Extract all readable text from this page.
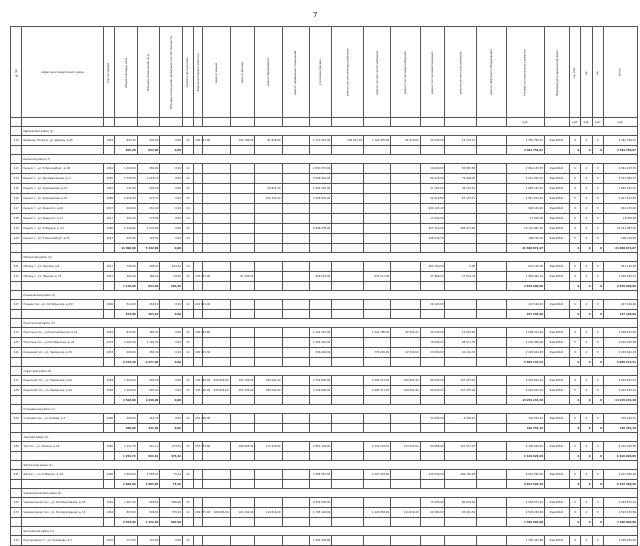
7
№ п/п	Адрес многоквартирного дома	Год постройки	Общая площадь, кв.м.	Площадь помещений, кв.м.	Площадь помещений, находящихся в собственности	Количество жителей	Вид капитального ремонта	ремонт крыши	ремонт фасада	ремонт фундамента	ремонт подвальных помещений	утепление фасада	ремонт систем электроснабжения	ремонт систем теплоснабжения	ремонт систем водоснабжения	ремонт систем водоотведения	ремонт систем газоснабжения	ремонт лифтового оборудования	Стоимость капитального ремонта	Плановая дата завершения работ	ед. изм.	ед.	ед.	Итого
																			руб.		руб.	руб.	руб.	руб.
	Марковский район (1)																							
210	Березово Поселок, ул. Дзмаин, д.45	1963	693,20	632,90	0,00	21	285 321,00		102 796,00	81 818,60		1 370 307,00	128 972,20	1 124 305,40	81 818,60	24 200,00	16 134,47		2 381 756,07	Фев.2016г.	0	0	0	2 381 756,07
			693,20	632,90	0,00														2 381 756,07		0	0	0	2 381 756,07
	Рыльский район (7)																							
213	Рыльск г., ул. Р.Люксембург, д. 94	1961	1 400,00	360,00	0,00	21						2 830 370,00				10 000,00	50 987,85		2 961 145,35	Фев.2016г.	0	0	0	2 961 145,35
214	Рыльск г., ул. Промышленная, д. 2	1965	1 790,50	1 018,70	0,00	21						3 090 224,00				99 520,00	79 009,20		3 212 993,75	Фев.2016г.	0	0	0	3 212 993,75
215	Рыльск г., ул. Хорошилова, д.72	1981	741,80	434,90	0,00	21				90 822,30		1 492 262,00				27 165,05	34 151,51		1 687 181,91	Фев.2016г.	0	0	0	1 687 181,91
216	Рыльск г., ул. Хорошилова, д.76	1989	2 256,30	477,70	0,00	21				160 343,20		2 508 501,00				42 619,80	67 151,11		2 817 612,81	Фев.2016г.	0	0	0	2 817 612,81
217	Рыльск г., ул. Урицкого, д.44	1917	440,60	261,40	0,00	24										940 145,40			940 145,40	Фев.2016г.	0	0	0	940 145,40
218	Рыльск г., ул. Урицкого, д.71	1917	301,20	175,80	0,00	24										13 000,00			13 000,00	Фев.2016г.	0	0	0	13 000,00
219	Рыльск г., ул. К.Маркса, д. 13	1960	5 746,60	2 570,90	0,00	21						9 848 239,00				257 320,00	206 471,00		10 141 987,20	Фев.2016г.	0	0	0	10 141 987,20
220	Рыльск г., ул. Р.Люксембург, д.72	1917	205,40	115,30	0,00	24										198 726,30			198 726,30	Фев.2016г.	0	0	0	198 726,30
			11 690,90	5 442,90	0,00														21 868 871,97		0	0	0	21 868 871,97
	Обоянский район (2)																							
221	Обоянь г., ул. Жукова, д.4	1917	706,50	408,20	241,10	24										941 150,00	0,00		941 150,00	Фев.2016г.	0	0	0	941 150,00
222	Обоянь г., ул. Ленина, д. 15	1957	404,40	360,20	23,40	21	376 137,00		91 349,50			829 024,00		679 117,26		37 986,47	27 501,33		1 929 490,14	Фев.2016г.	0	0	0	1 929 490,14
			1 110,90	634,40	264,50														2 870 600,00		0	0	0	2 870 600,00
	Поныровский район (1)																							
223	Поныри пос., ул. Октябрьская, д.15?	1966	514,90	463,10	0,00	21	221 021,00									26 145,00			247 166,00	Фев.2016г.	0	0	0	247 166,00
			514,90	463,10	0,00														247 166,00		0	0	0	247 166,00
	Пристенский район (3)																							
224	Пристень пос., ул.Комсомольская, д.44	1956	810,90	585,40	0,00	21	285 754,60					1 241 215,00		1 021 780,20	82 824,42	30 530,00	16 681,00		2 698 612,94	Фев.2016г.	0	0	0	2 698 612,94
225	Пристень пос., ул.Октябрьская, д. 22	1978	1 061,60	1 120,20	0,00	21						2 354 262,00				79 560,00	68 571,35		2 502 456,28	Фев.2016г.	0	0	0	2 502 456,28
226	Коренный пос., ул. Заводская, д.76	1953	480,00	380,30	0,00	21	290 415,30					306 040,00		776 000,00	42 518,00	23 050,00	42 142,33		2 204 661,63	Фев.2016г.	0	0	0	2 204 661,63
			2 415,40	2 077,00	0,00														5 665 133,51		0	0	0	5 665 133,51
	Советский район (2)																							
227	Кшенский пос., ул. Заводская, д.10	1958	1 264,00	820,00	0,00	21	343 746,00	630 806,00	291 336,00	189 594,40		2 339 600,00		2 090 471,20	169 054,40	90 000,00	137 475,04		6 624 622,24	Фев.2016г.	0	0	0	6 624 622,24
228	Кшенский пос., ул. Заводская, д.10	1958	1 264,00	820,00	0,00	21	343 746,00	630 806,00	291 336,00	189 594,40		2 339 600,00		2 090 471,20	169 054,40	90 000,00	137 475,04		6 624 622,24	Фев.2016г.	0	0	0	6 624 622,24
			2 528,00	1 640,00	0,00														13 249 244,48		0	0	0	13 249 244,48
	Солнцевский район (1)																							
229	Солнцево пос., ул. Кирова, д.3	1966	480,00	441,30	0,00	21	291 306,00									34 000,00	6 304,15		330 254,15	Фев.2016г.	0	0	0	330 254,15
			480,00	441,30	0,00														330 254,15		0	0	0	330 254,15
	Тимский район (1)																							
230	Тим пос., ул. Ленина, д.22	1965	1 252,76	941,10	473,32	21	557 170,00		268 285,40	173 225,64		2 852 329,00		2 142 103,32	173 225,64	64 588,00	127 537,97		6 126 029,95	Фев.2016г.	0	0	0	6 126 029,95
			1 252,76	941,10	473,32														6 126 029,95		0	0	0	6 126 029,95
	Фатежский район (1)																							
231	Фатеж г., ул. К.Маркса, д. 63	1966	2 500,00	2 083,95	75,16	21						3 384 067,00		4 110 334,00		100 550,00	166 740,28		9 612 590,28	Фев.2016г.	0	0	0	9 612 590,28
			2 500,00	2 083,95	75,16														9 612 590,28		0	0	0	9 612 590,28
	Черемисиновский район (2)																							
232	Черемисиново пос., ул. Кооперативная, д. 15	1981	1 467,20	826,50	586,90	21						2 832 500,00				75 000,00	60 619,64		2 963 673,24	Фев.2016г.	0	0	0	2 963 673,24
233	Черемисиново пос., ул. Кооперативная, д. 13	1964	897,60	506,00	375,00	21	269 975,00	426 806,00	101 244,60	114 616,40		1 795 140,00		1 421 983,20	114 616,40	42 980,00	95 451,59		4 503 230,84	Фев.2016г.	0	0	0	4 503 230,84
			2 364,80	1 332,50	962,90														7 466 904,08		0	0	0	7 466 904,08
	Щигровский район (1)																							
234	Пригородная ст., ул. Комарова, д.3	1970	757,00	707,80	0,00	21						1 595 435,80							1 595 435,80	Фев.2016г.	0	0	0	1 595 435,80
